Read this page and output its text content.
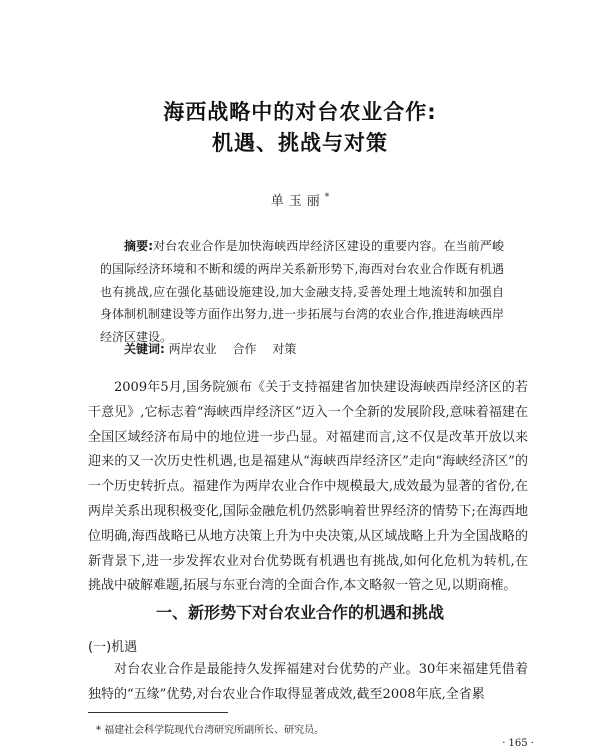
海西战略中的对台农业合作:
机遇、挑战与对策
单玉丽*

摘要:对台农业合作是加快海峡西岸经济区建设的重要内容。在当前严峻的国际经济环境和不断和缓的两岸关系新形势下,海西对台农业合作既有机遇也有挑战,应在强化基础设施建设,加大金融支持,妥善处理土地流转和加强自身体制机制建设等方面作出努力,进一步拓展与台湾的农业合作,推进海峡西岸经济区建设。

关键词: 两岸农业 合作 对策

2009年5月,国务院颁布《关于支持福建省加快建设海峡西岸经济区的若干意见》,它标志着“海峡西岸经济区”迈入一个全新的发展阶段,意味着福建在全国区域经济布局中的地位进一步凸显。对福建而言,这不仅是改革开放以来迎来的又一次历史性机遇,也是福建从“海峡西岸经济区”走向“海峡经济区”的一个历史转折点。福建作为两岸农业合作中规模最大,成效最为显著的省份,在两岸关系出现积极变化,国际金融危机仍然影响着世界经济的情势下;在海西地位明确,海西战略已从地方决策上升为中央决策,从区域战略上升为全国战略的新背景下,进一步发挥农业对台优势既有机遇也有挑战,如何化危机为转机,在挑战中破解难题,拓展与东亚台湾的全面合作,本文略叙一管之见,以期商榷。

一、新形势下对台农业合作的机遇和挑战
(一)机遇

对台农业合作是最能持久发挥福建对台优势的产业。30年来福建凭借着独特的“五缘”优势,对台农业合作取得显著成效,截至2008年底,全省累

* 福建社会科学院现代台湾研究所副所长、研究员。
· 165 ·
